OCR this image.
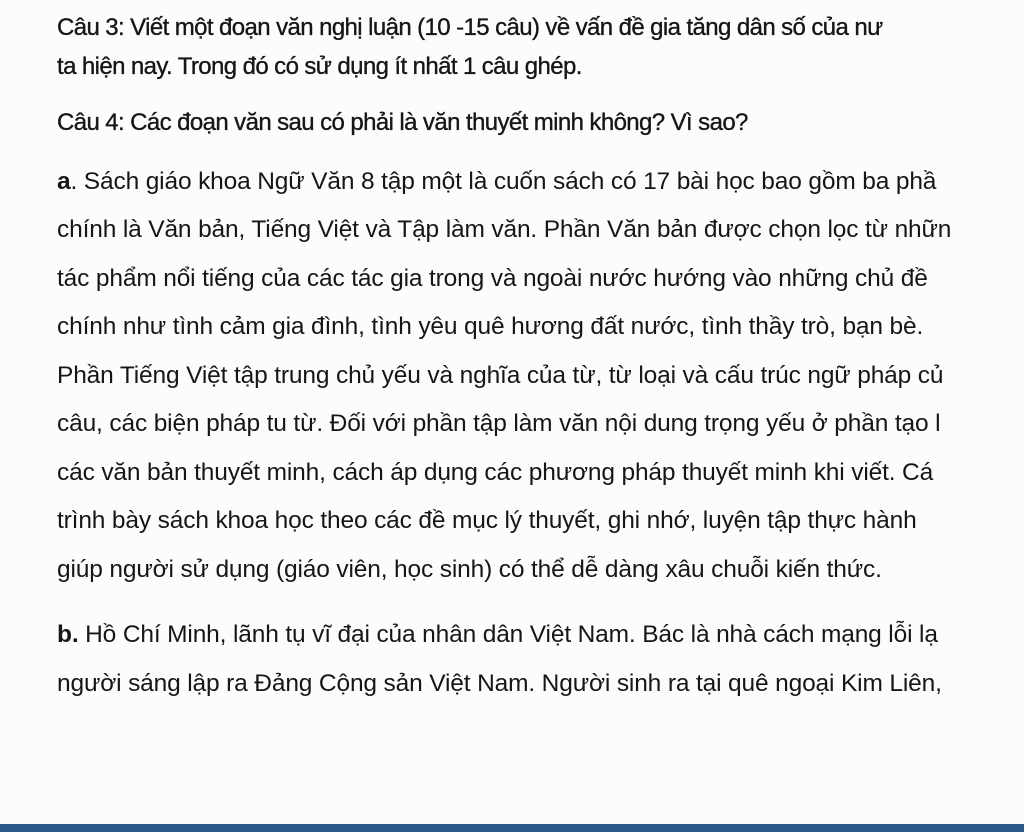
Câu 3: Viết một đoạn văn nghị luận (10 -15 câu) về vấn đề gia tăng dân số của nư
ta hiện nay. Trong đó có sử dụng ít nhất 1 câu ghép.
Câu 4: Các đoạn văn sau có phải là văn thuyết minh không? Vì sao?
a. Sách giáo khoa Ngữ Văn 8 tập một là cuốn sách có 17 bài học bao gồm ba phầ
chính là Văn bản, Tiếng Việt và Tập làm văn. Phần Văn bản được chọn lọc từ nhữn
tác phẩm nổi tiếng của các tác gia trong và ngoài nước hướng vào những chủ đề
chính như tình cảm gia đình, tình yêu quê hương đất nước, tình thầy trò, bạn bè.
Phần Tiếng Việt tập trung chủ yếu và nghĩa của từ, từ loại và cấu trúc ngữ pháp củ
câu, các biện pháp tu từ. Đối với phần tập làm văn nội dung trọng yếu ở phần tạo l
các văn bản thuyết minh, cách áp dụng các phương pháp thuyết minh khi viết. Cá
trình bày sách khoa học theo các đề mục lý thuyết, ghi nhớ, luyện tập thực hành
giúp người sử dụng (giáo viên, học sinh) có thể dễ dàng xâu chuỗi kiến thức.
b. Hồ Chí Minh, lãnh tụ vĩ đại của nhân dân Việt Nam. Bác là nhà cách mạng lỗi lạ
người sáng lập ra Đảng Cộng sản Việt Nam. Người sinh ra tại quê ngoại Kim Liên,
